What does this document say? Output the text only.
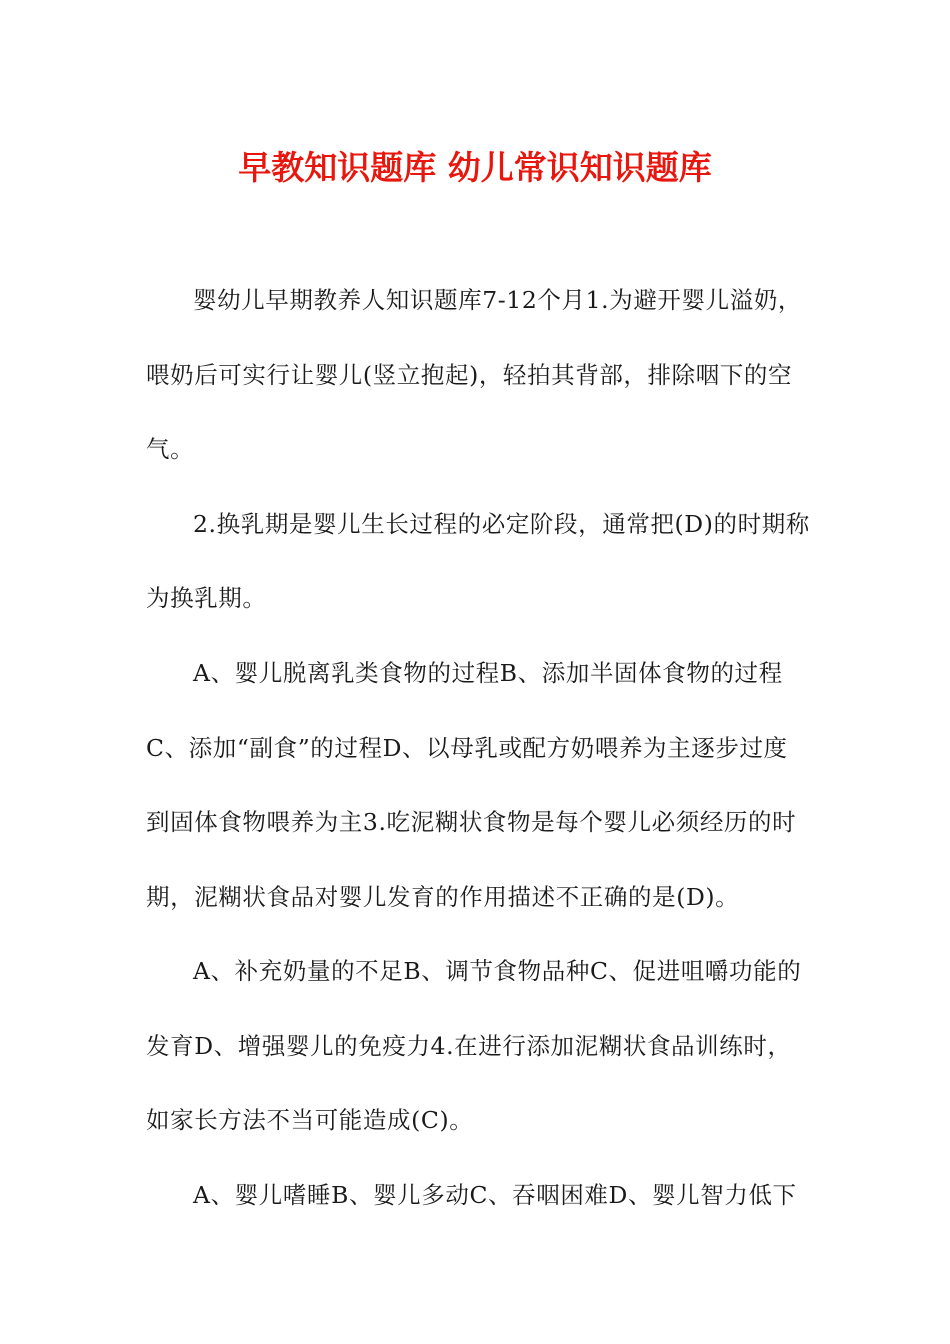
早教知识题库 幼儿常识知识题库
婴幼儿早期教养人知识题库7-12个月1.为避开婴儿溢奶，
喂奶后可实行让婴儿(竖立抱起)，轻拍其背部，排除咽下的空
气。
2.换乳期是婴儿生长过程的必定阶段，通常把(D)的时期称
为换乳期。
A、婴儿脱离乳类食物的过程B、添加半固体食物的过程
C、添加“副食”的过程D、以母乳或配方奶喂养为主逐步过度
到固体食物喂养为主3.吃泥糊状食物是每个婴儿必须经历的时
期，泥糊状食品对婴儿发育的作用描述不正确的是(D)。
A、补充奶量的不足B、调节食物品种C、促进咀嚼功能的
发育D、增强婴儿的免疫力4.在进行添加泥糊状食品训练时，
如家长方法不当可能造成(C)。
A、婴儿嗜睡B、婴儿多动C、吞咽困难D、婴儿智力低下
